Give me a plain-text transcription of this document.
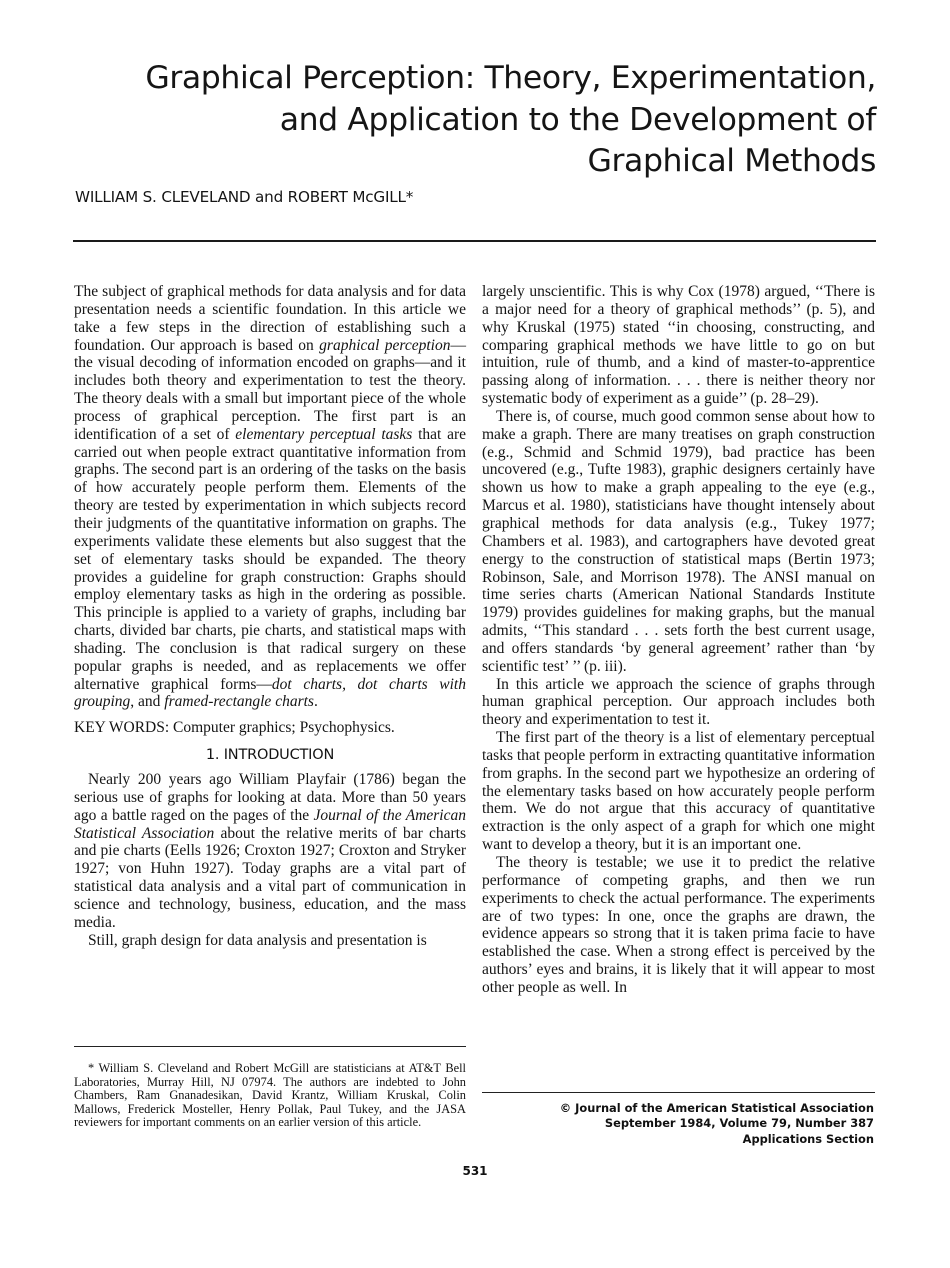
Graphical Perception: Theory, Experimentation,
and Application to the Development of
Graphical Methods
WILLIAM S. CLEVELAND and ROBERT McGILL*

The subject of graphical methods for data analysis and for data presentation needs a scientific foundation. In this article we take a few steps in the direction of establishing such a foundation. Our approach is based on graphical perception—the visual decoding of information encoded on graphs—and it includes both theory and experimentation to test the theory. The theory deals with a small but important piece of the whole process of graphical perception. The first part is an identification of a set of elementary perceptual tasks that are carried out when people extract quantitative information from graphs. The second part is an ordering of the tasks on the basis of how accurately people perform them. Elements of the theory are tested by experimentation in which subjects record their judgments of the quantitative information on graphs. The experiments validate these elements but also suggest that the set of elementary tasks should be expanded. The theory provides a guideline for graph construction: Graphs should employ elementary tasks as high in the ordering as possible. This principle is applied to a variety of graphs, including bar charts, divided bar charts, pie charts, and statistical maps with shading. The conclusion is that radical surgery on these popular graphs is needed, and as replacements we offer alternative graphical forms—dot charts, dot charts with grouping, and framed-rectangle charts.

KEY WORDS: Computer graphics; Psychophysics.

1. INTRODUCTION

Nearly 200 years ago William Playfair (1786) began the serious use of graphs for looking at data. More than 50 years ago a battle raged on the pages of the Journal of the American Statistical Association about the relative merits of bar charts and pie charts (Eells 1926; Croxton 1927; Croxton and Stryker 1927; von Huhn 1927). Today graphs are a vital part of statistical data analysis and a vital part of communication in science and technology, business, education, and the mass media.

Still, graph design for data analysis and presentation is

largely unscientific. This is why Cox (1978) argued, ‘‘There is a major need for a theory of graphical methods’’ (p. 5), and why Kruskal (1975) stated ‘‘in choosing, constructing, and comparing graphical methods we have little to go on but intuition, rule of thumb, and a kind of master-to-apprentice passing along of information. . . . there is neither theory nor systematic body of experiment as a guide’’ (p. 28–29).

There is, of course, much good common sense about how to make a graph. There are many treatises on graph construction (e.g., Schmid and Schmid 1979), bad practice has been uncovered (e.g., Tufte 1983), graphic designers certainly have shown us how to make a graph appealing to the eye (e.g., Marcus et al. 1980), statisticians have thought intensely about graphical methods for data analysis (e.g., Tukey 1977; Chambers et al. 1983), and cartographers have devoted great energy to the construction of statistical maps (Bertin 1973; Robinson, Sale, and Morrison 1978). The ANSI manual on time series charts (American National Standards Institute 1979) provides guidelines for making graphs, but the manual admits, ‘‘This standard . . . sets forth the best current usage, and offers standards ‘by general agreement’ rather than ‘by scientific test’ ’’ (p. iii).

In this article we approach the science of graphs through human graphical perception. Our approach includes both theory and experimentation to test it.

The first part of the theory is a list of elementary perceptual tasks that people perform in extracting quantitative information from graphs. In the second part we hypothesize an ordering of the elementary tasks based on how accurately people perform them. We do not argue that this accuracy of quantitative extraction is the only aspect of a graph for which one might want to develop a theory, but it is an important one.

The theory is testable; we use it to predict the relative performance of competing graphs, and then we run experiments to check the actual performance. The experiments are of two types: In one, once the graphs are drawn, the evidence appears so strong that it is taken prima facie to have established the case. When a strong effect is perceived by the authors’ eyes and brains, it is likely that it will appear to most other people as well. In

* William S. Cleveland and Robert McGill are statisticians at AT&T Bell Laboratories, Murray Hill, NJ 07974. The authors are indebted to John Chambers, Ram Gnanadesikan, David Krantz, William Kruskal, Colin Mallows, Frederick Mosteller, Henry Pollak, Paul Tukey, and the JASA reviewers for important comments on an earlier version of this article.

© Journal of the American Statistical Association
September 1984, Volume 79, Number 387
Applications Section
531
